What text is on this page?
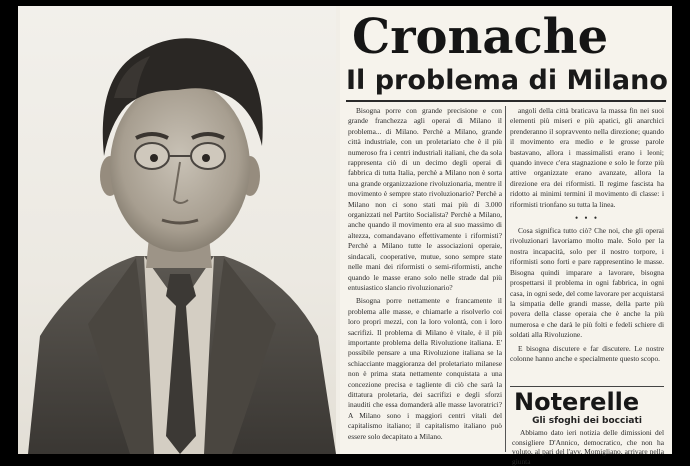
Cronache
Il problema di Milano

Bisogna porre con grande precisione e con grande franchezza agli operai di Milano il problema... di Milano. Perchè a Milano, grande città industriale, con un proletariato che è il più numeroso fra i centri industriali italiani, che da sola rappresenta ciò di un decimo degli operai di fabbrica di tutta Italia, perchè a Milano non è sorta una grande organizzazione rivoluzionaria, mentre il movimento è sempre stato rivoluzionario? Perchè a Milano non ci sono stati mai più di 3.000 organizzati nel Partito Socialista? Perchè a Milano, anche quando il movimento era al suo massimo di altezza, comandavano effettivamente i riformisti? Perchè a Milano tutte le associazioni operaie, sindacali, cooperative, mutue, sono sempre state nelle mani dei riformisti o semi-riformisti, anche quando le masse erano solo nelle strade dal più entusiastico slancio rivoluzionario?

Bisogna porre nettamente e francamente il problema alle masse, e chiamarle a risolverlo coi loro propri mezzi, con la loro volontà, con i loro sacrifizi. Il problema di Milano è vitale, è il più importante problema della Rivoluzione italiana. E' possibile pensare a una Rivoluzione italiana se la schiacciante maggioranza del proletariato milanese non è prima stata nettamente conquistata a una concezione precisa e tagliente di ciò che sarà la dittatura proletaria, dei sacrifizi e degli sforzi inauditi che essa domanderà alle masse lavoratrici? A Milano sono i maggiori centri vitali del capitalismo italiano; il capitalismo italiano può essere solo decapitato a Milano.

angoli della città braticava la massa fin nei suoi elementi più miseri e più apatici, gli anarchici prenderanno il sopravvento nella direzione; quando il movimento era medio e le grosse parole bastavano, allora i massimalisti erano i leoni; quando invece c'era stagnazione e solo le forze più attive organizzate erano avanzate, allora la direzione era dei riformisti. Il regime fascista ha ridotto ai minimi termini il movimento di classe: i riformisti trionfano su tutta la linea.

• • •

Cosa significa tutto ciò? Che noi, che gli operai rivoluzionari lavoriamo molto male. Solo per la nostra incapacità, solo per il nostro torpore, i riformisti sono forti e pare rappresentino le masse. Bisogna quindi imparare a lavorare, bisogna prospettarsi il problema in ogni fabbrica, in ogni casa, in ogni sede, del come lavorare per acquistarsi la simpatia delle grandi masse, della parte più povera della classe operaia che è anche la più numerosa e che darà le più folti e fedeli schiere di soldati alla Rivoluzione.

E bisogna discutere e far discutere. Le nostre colonne hanno anche e specialmente questo scopo.

Noterelle
Gli sfoghi dei bocciati
Abbiamo dato ieri notizia delle dimissioni del consigliere D'Annico, democratico, che non ha voluto, al pari del l'avv. Momigliano, arrivare nella giunta
